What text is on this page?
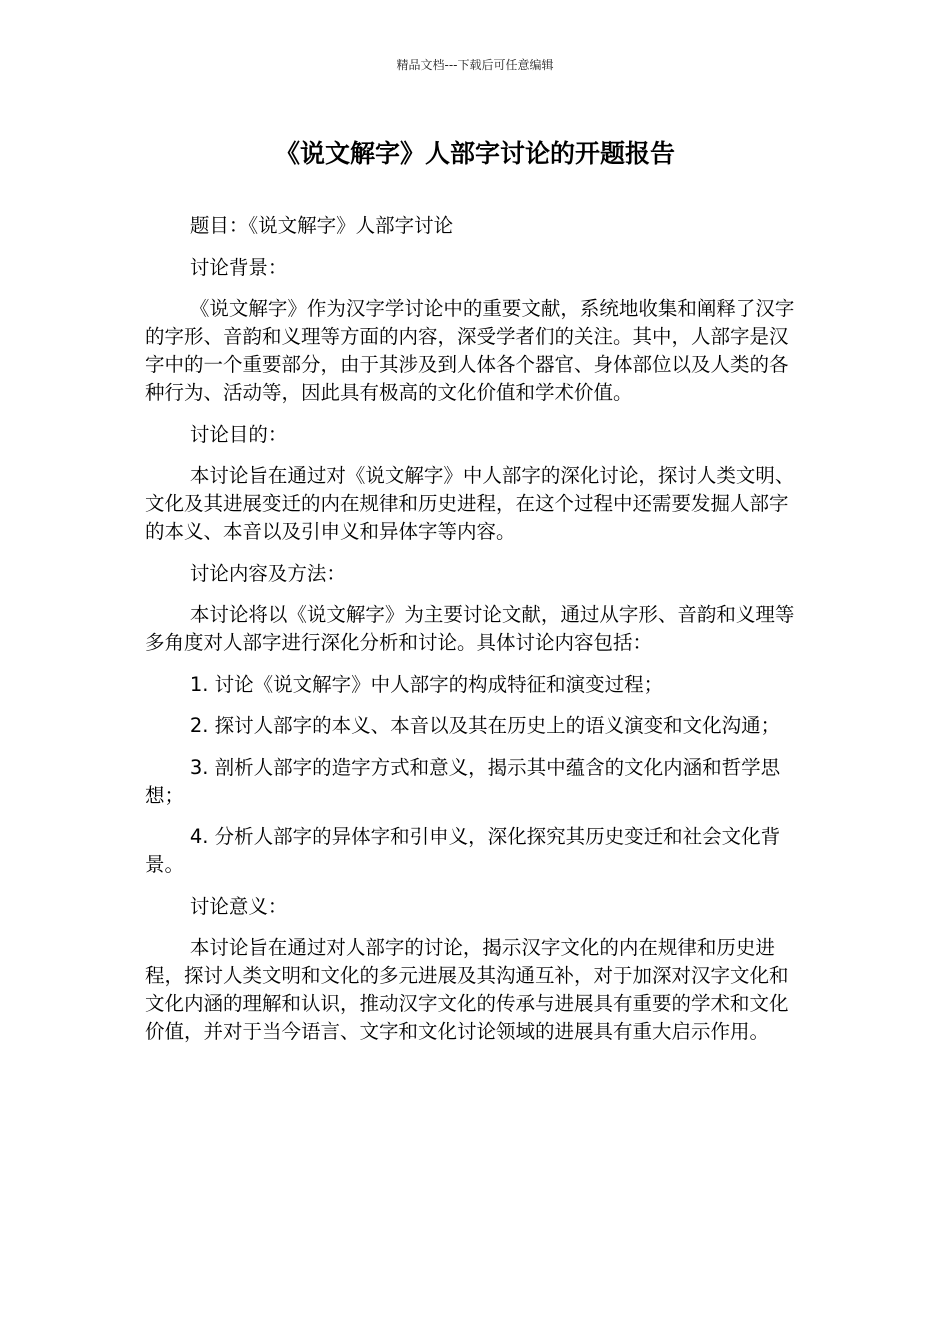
精品文档---下载后可任意编辑
《说文解字》人部字讨论的开题报告

题目：《说文解字》人部字讨论

讨论背景：

《说文解字》作为汉字学讨论中的重要文献，系统地收集和阐释了汉字的字形、音韵和义理等方面的内容，深受学者们的关注。其中，人部字是汉字中的一个重要部分，由于其涉及到人体各个器官、身体部位以及人类的各种行为、活动等，因此具有极高的文化价值和学术价值。

讨论目的：

本讨论旨在通过对《说文解字》中人部字的深化讨论，探讨人类文明、文化及其进展变迁的内在规律和历史进程，在这个过程中还需要发掘人部字的本义、本音以及引申义和异体字等内容。

讨论内容及方法：

本讨论将以《说文解字》为主要讨论文献，通过从字形、音韵和义理等多角度对人部字进行深化分析和讨论。具体讨论内容包括：

1. 讨论《说文解字》中人部字的构成特征和演变过程；

2. 探讨人部字的本义、本音以及其在历史上的语义演变和文化沟通；

3. 剖析人部字的造字方式和意义，揭示其中蕴含的文化内涵和哲学思想；

4. 分析人部字的异体字和引申义，深化探究其历史变迁和社会文化背景。

讨论意义：

本讨论旨在通过对人部字的讨论，揭示汉字文化的内在规律和历史进程，探讨人类文明和文化的多元进展及其沟通互补，对于加深对汉字文化和文化内涵的理解和认识，推动汉字文化的传承与进展具有重要的学术和文化价值，并对于当今语言、文字和文化讨论领域的进展具有重大启示作用。
